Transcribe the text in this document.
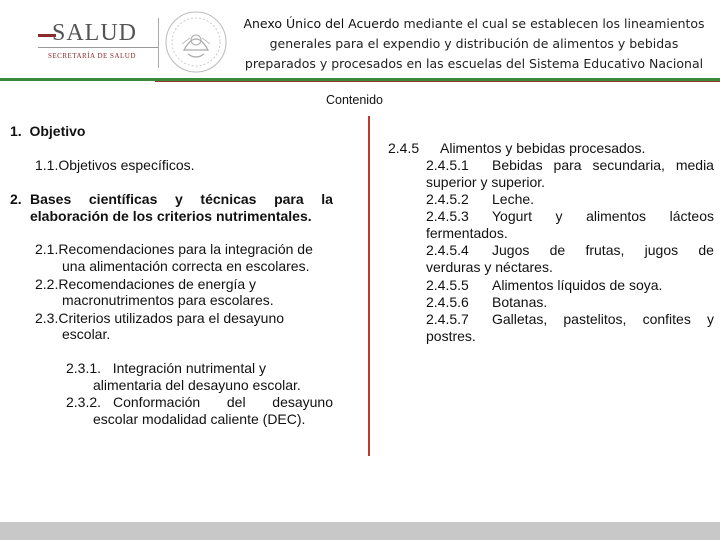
SALUD
SECRETARÍA DE SALUD
Anexo Único del Acuerdo mediante el cual se establecen los lineamientos
generales para el expendio y distribución de alimentos y bebidas
preparados y procesados en las escuelas del Sistema Educativo Nacional
Contenido
1. Objetivo
1.1.Objetivos específicos.
2. Bases científicas y técnicas para la
elaboración de los criterios nutrimentales.
2.1.Recomendaciones para la integración de
una alimentación correcta en escolares.
2.2.Recomendaciones de energía y
macronutrimentos para escolares.
2.3.Criterios utilizados para el desayuno
escolar.
2.3.1. Integración nutrimental y
alimentaria del desayuno escolar.
2.3.2. Conformación del desayuno
escolar modalidad caliente (DEC).
2.4.5 Alimentos y bebidas procesados.
2.4.5.1 Bebidas para secundaria, media
superior y superior.
2.4.5.2 Leche.
2.4.5.3 Yogurt y alimentos lácteos
fermentados.
2.4.5.4 Jugos de frutas, jugos de
verduras y néctares.
2.4.5.5 Alimentos líquidos de soya.
2.4.5.6 Botanas.
2.4.5.7 Galletas, pastelitos, confites y
postres.
